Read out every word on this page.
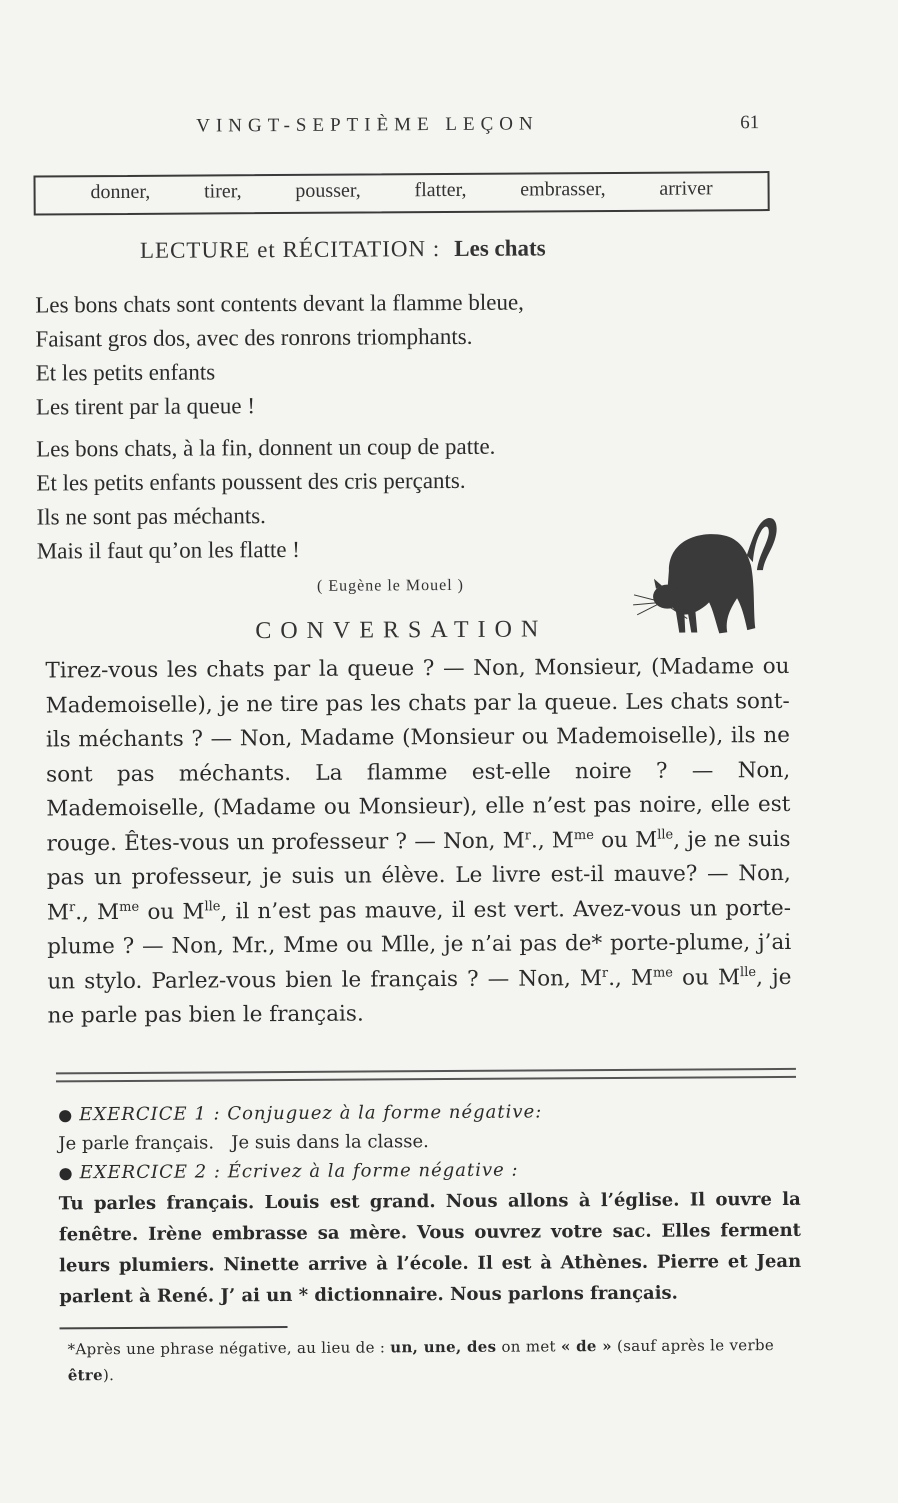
VINGT-SEPTIÈME LEÇON	61
donner,	tirer,	pousser,	flatter,	embrasser,	arriver
LECTURE et RÉCITATION : Les chats
Les bons chats sont contents devant la flamme bleue,
Faisant gros dos, avec des ronrons triomphants.
Et les petits enfants
Les tirent par la queue !
Les bons chats, à la fin, donnent un coup de patte.
Et les petits enfants poussent des cris perçants.
Ils ne sont pas méchants.
Mais il faut qu’on les flatte !
( Eugène le Mouel )
CONVERSATION
Tirez-vous les chats par la queue ? — Non, Monsieur, (Madame ou Mademoiselle), je ne tire pas les chats par la queue. Les chats sont-ils méchants ? — Non, Madame (Monsieur ou Mademoiselle), ils ne sont pas méchants. La flamme est-elle noire ? — Non, Mademoiselle, (Madame ou Monsieur), elle n’est pas noire, elle est rouge. Êtes-vous un professeur ? — Non, $M^r$., $M^{me}$ ou $M^{lle}$, je ne suis pas un professeur, je suis un élève. Le livre est-il mauve? — Non, $M^r$., $M^{me}$ ou $M^{lle}$, il n’est pas mauve, il est vert. Avez-vous un porte-plume ? — Non, Mr., Mme ou Mlle, je n’ai pas de* porte-plume, j’ai un stylo. Parlez-vous bien le français ? — Non, $M^r$., $M^{me}$ ou $M^{lle}$, je ne parle pas bien le français.
● EXERCICE 1 : Conjuguez à la forme négative:
Je parle français.   Je suis dans la classe.
● EXERCICE 2 : Écrivez à la forme négative :
Tu parles français. Louis est grand. Nous allons à l’église. Il ouvre la fenêtre. Irène embrasse sa mère. Vous ouvrez votre sac. Elles ferment leurs plumiers. Ninette arrive à l’école. Il est à Athènes. Pierre et Jean parlent à René. J’ ai un * dictionnaire. Nous parlons français.
*Après une phrase négative, au lieu de : un, une, des on met « de » (sauf après le verbe être).
